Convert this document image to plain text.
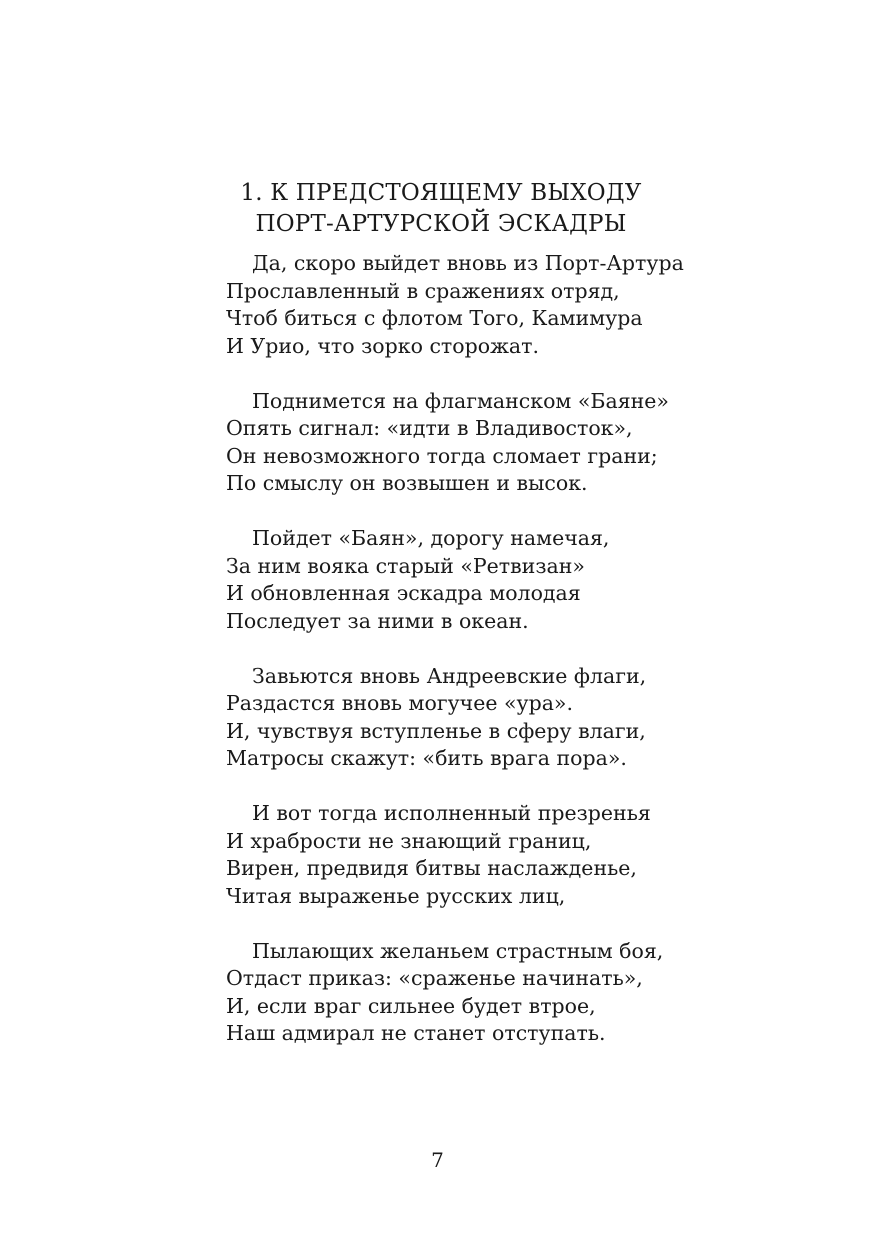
1. К ПРЕДСТОЯЩЕМУ ВЫХОДУ
ПОРТ-АРТУРСКОЙ ЭСКАДРЫ
Да, скоро выйдет вновь из Порт-Артура
Прославленный в сражениях отряд,
Чтоб биться с флотом Того, Камимура
И Урио, что зорко сторожат.
Поднимется на флагманском «Баяне»
Опять сигнал: «идти в Владивосток»,
Он невозможного тогда сломает грани;
По смыслу он возвышен и высок.
Пойдет «Баян», дорогу намечая,
За ним вояка старый «Ретвизан»
И обновленная эскадра молодая
Последует за ними в океан.
Завьются вновь Андреевские флаги,
Раздастся вновь могучее «ура».
И, чувствуя вступленье в сферу влаги,
Матросы скажут: «бить врага пора».
И вот тогда исполненный презренья
И храбрости не знающий границ,
Вирен, предвидя битвы наслажденье,
Читая выраженье русских лиц,
Пылающих желаньем страстным боя,
Отдаст приказ: «сраженье начинать»,
И, если враг сильнее будет втрое,
Наш адмирал не станет отступать.
7
